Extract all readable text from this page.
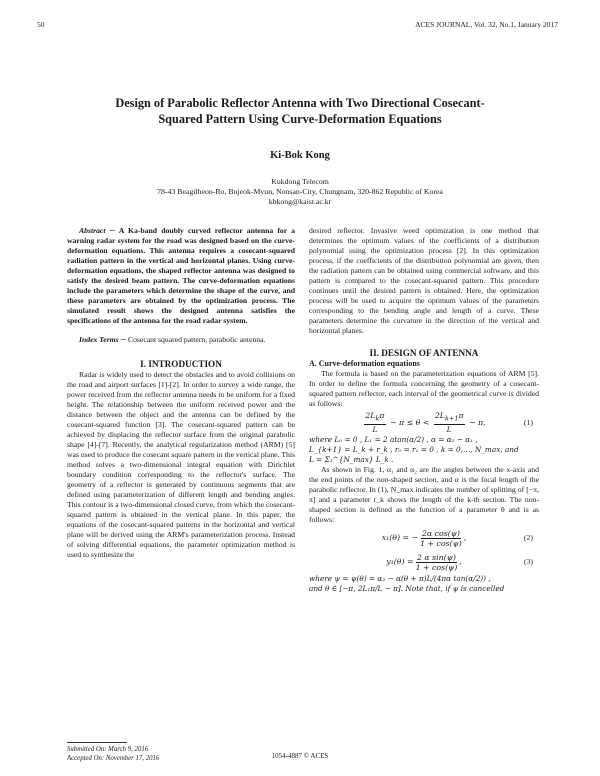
50	ACES JOURNAL, Vol. 32, No.1, January 2017
Design of Parabolic Reflector Antenna with Two Directional Cosecant-
Squared Pattern Using Curve-Deformation Equations
Ki-Bok Kong
Kukdong Telecom
78-43 Beagilheon-Ro, Bujeok-Myun, Nonsan-City, Chungnam, 320-862 Republic of Korea
kbkong@kaist.ac.kr

Abstract ─ A Ka-band doubly curved reflector antenna for a warning radar system for the road was designed based on the curve-deformation equations. This antenna requires a cosecant-squared radiation pattern in the vertical and horizontal planes. Using curve-deformation equations, the shaped reflector antenna was designed to satisfy the desired beam pattern. The curve-deformation equations include the parameters which determine the shape of the curve, and these parameters are obtained by the optimization process. The simulated result shows the designed antenna satisfies the specifications of the antenna for the road radar system.

Index Terms ─ Cosecant squared pattern, parabolic antenna.

I. INTRODUCTION

Radar is widely used to detect the obstacles and to avoid collisions on the road and airport surfaces [1]-[2]. In order to survey a wide range, the power received from the reflector antenna needs to be uniform for a fixed height. The relationship between the uniform received power and the distance between the object and the antenna can be defined by the cosecant-squared function [3]. The cosecant-squared pattern can be achieved by displacing the reflector surface from the original parabolic shape [4]-[7]. Recently, the analytical regularization method (ARM) [5] was used to produce the cosecant square pattern in the vertical plane. This method solves a two-dimensional integral equation with Dirichlet boundary condition corresponding to the reflector's surface. The geometry of a reflector is generated by continuous segments that are defined using parameterization of different length and bending angles. This contour is a two-dimensional closed curve, from which the cosecant-squared pattern is obtained in the vertical plane. In this paper, the equations of the cosecant-squared patterns in the horizontal and vertical plane will be derived using the ARM's parameterization process. Instead of solving differential equations, the parameter optimization method is used to synthesize the

desired reflector. Invasive weed optimization is one method that determines the optimum values of the coefficients of a distribution polynomial using the optimization process [2]. In this optimization process, if the coefficients of the distribution polynomial are given, then the radiation pattern can be obtained using commercial software, and this pattern is compared to the cosecant-squared pattern. This procedure continues until the desired pattern is obtained. Here, the optimization process will be used to acquire the optimum values of the parameters corresponding to the bending angle and length of a curve. These parameters determine the curvature in the direction of the vertical and horizontal planes.

II. DESIGN OF ANTENNA

A. Curve-deformation equations

The formula is based on the parameterization equations of ARM [5]. In order to define the formula concerning the geometry of a cosecant-squared pattern reflector, each interval of the geometrical curve is divided as follows:

$\frac{2L_k\pi}{L} - \pi \le \theta < \frac{2L_{k+1}\pi}{L} - \pi$,	(1)

where L₀ = 0 , L₁ = 2 atan(α/2) , α = α₂ − α₁ ,

L_{k+1} = L_k + r_k , r₀ = r₁ = 0 , k = 0,…, N_max, and

L = Σ₁^{N_max} L_k .

As shown in Fig. 1, α₁ and α₂ are the angles between the x-axis and the end points of the non-shaped section, and α is the focal length of the parabolic reflector. In (1), N_max indicates the number of splitting of [−π, π] and a parameter r_k shows the length of the k-th section. The non-shaped section is defined as the function of a parameter θ and is as follows:

x₁(θ) = − $\frac{\text{2α cos(ψ)}}{1 + \cos(\psi)}$ ,	(2)
$y_1(\theta) = \frac{\text{2 α sin(ψ)}}{1 + \cos(\psi)}$ ,	(3)

where ψ = ψ(θ) = α₂ − α(θ + π)L/(4πα tan(α/2)) ,

and θ ∈ [−π, 2L₁π/L − π]. Note that, if ψ is cancelled

Submitted On: March 9, 2016
Accepted On: November 17, 2016	1054-4887 © ACES
